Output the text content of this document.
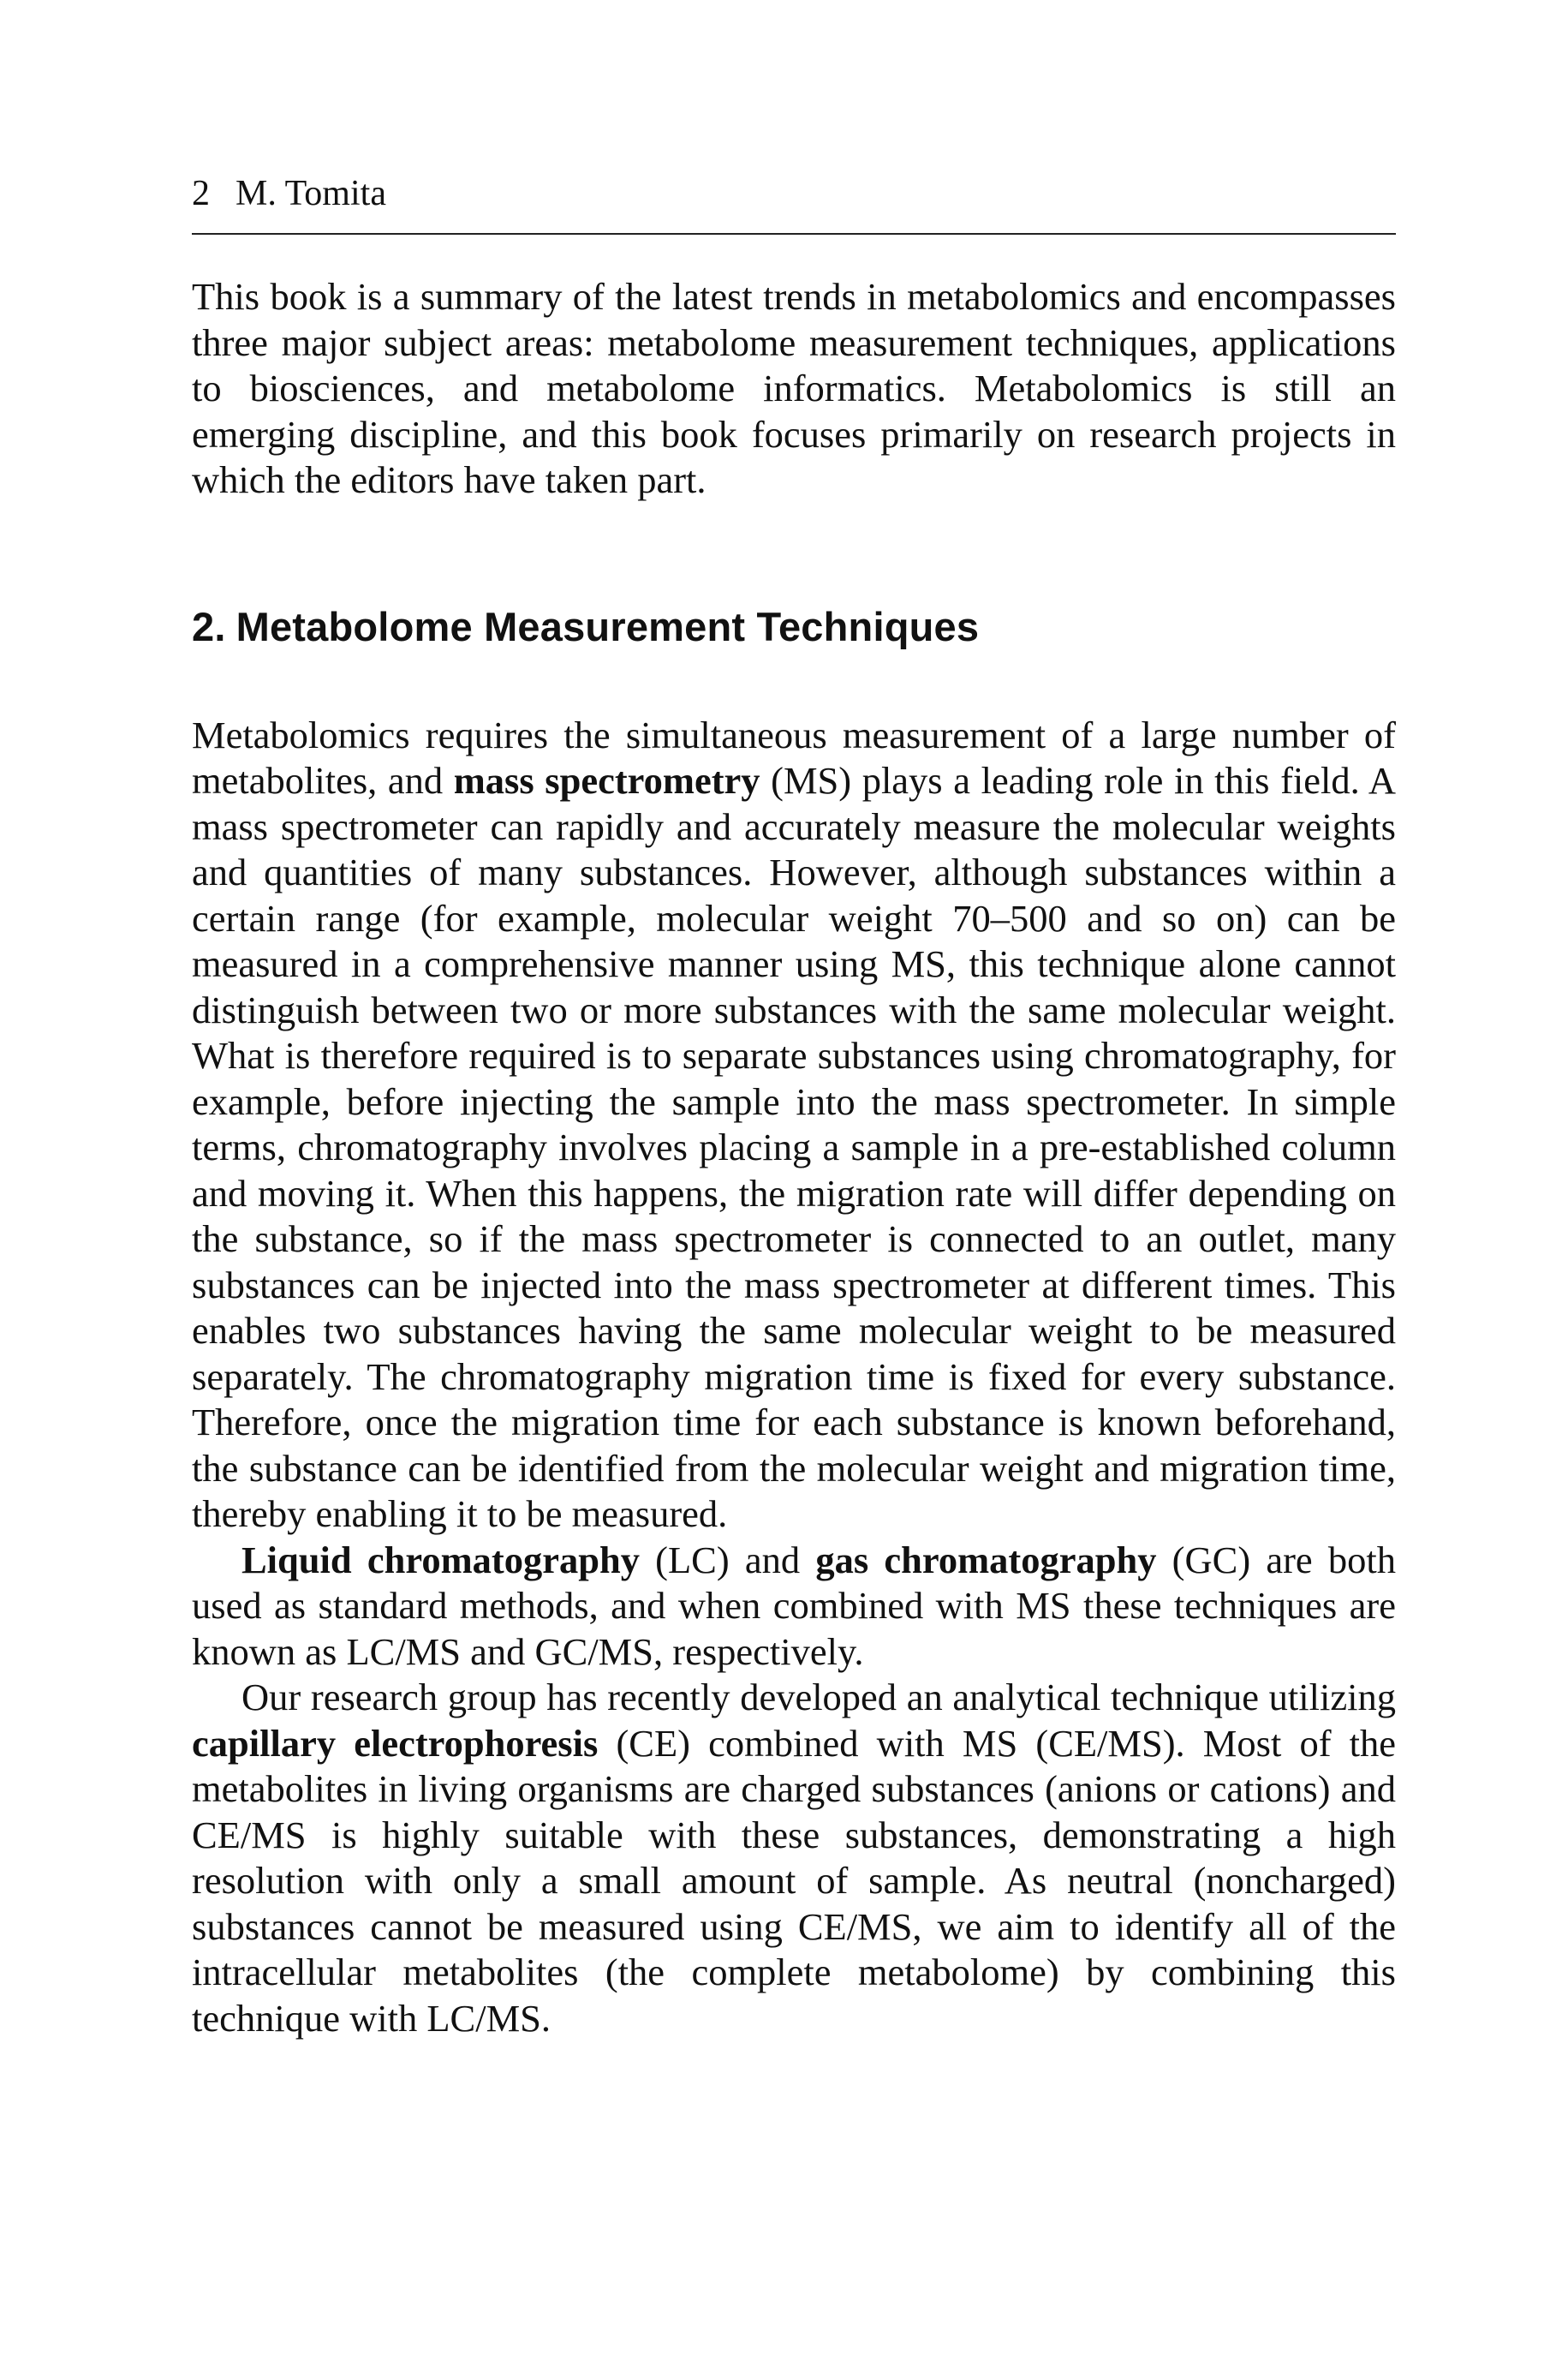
2 M. Tomita

This book is a summary of the latest trends in metabolomics and encompasses three major subject areas: metabolome measurement techniques, applications to biosciences, and metabolome informatics. Metabolomics is still an emerging discipline, and this book focuses primarily on research projects in which the editors have taken part.

2. Metabolome Measurement Techniques

Metabolomics requires the simultaneous measurement of a large number of metabolites, and mass spectrometry (MS) plays a leading role in this field. A mass spectrometer can rapidly and accurately measure the molecular weights and quantities of many substances. However, although substances within a certain range (for example, molecular weight 70–500 and so on) can be measured in a comprehensive manner using MS, this technique alone cannot distinguish between two or more substances with the same molecular weight. What is therefore required is to separate substances using chromatography, for example, before injecting the sample into the mass spectrometer. In simple terms, chromatography involves placing a sample in a pre-established column and moving it. When this happens, the migration rate will differ depending on the substance, so if the mass spectrometer is connected to an outlet, many substances can be injected into the mass spectrometer at different times. This enables two substances having the same molecular weight to be measured separately. The chromatography migration time is fixed for every substance. Therefore, once the migration time for each substance is known beforehand, the substance can be identified from the molecular weight and migration time, thereby enabling it to be measured.

Liquid chromatography (LC) and gas chromatography (GC) are both used as standard methods, and when combined with MS these techniques are known as LC/MS and GC/MS, respectively.

Our research group has recently developed an analytical technique utilizing capillary electrophoresis (CE) combined with MS (CE/MS). Most of the metabolites in living organisms are charged substances (anions or cations) and CE/MS is highly suitable with these substances, demonstrating a high resolution with only a small amount of sample. As neutral (noncharged) substances cannot be measured using CE/MS, we aim to identify all of the intracellular metabolites (the complete metabolome) by combining this technique with LC/MS.
